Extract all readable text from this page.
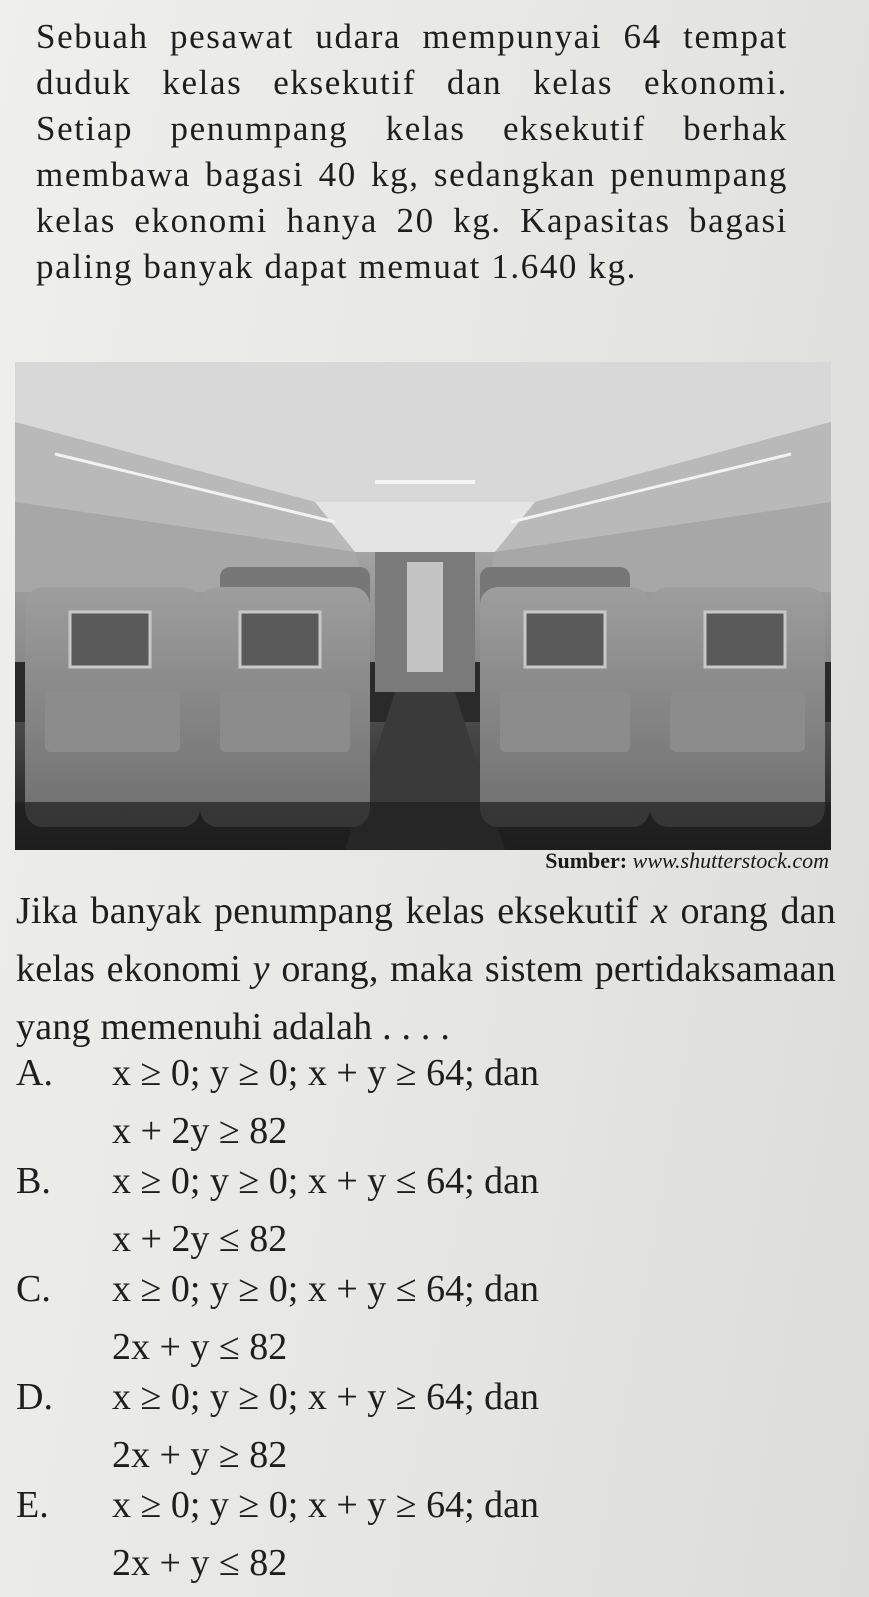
Sebuah pesawat udara mempunyai 64 tempat duduk kelas eksekutif dan kelas ekonomi. Setiap penumpang kelas eksekutif berhak membawa bagasi 40 kg, sedangkan penumpang kelas ekonomi hanya 20 kg. Kapasitas bagasi paling banyak dapat memuat 1.640 kg.
Sumber: www.shutterstock.com
Jika banyak penumpang kelas eksekutif x orang dan kelas ekonomi y orang, maka sistem pertidaksamaan yang memenuhi adalah . . . .
A. x ≥ 0; y ≥ 0; x + y ≥ 64; dan
x + 2y ≥ 82
B. x ≥ 0; y ≥ 0; x + y ≤ 64; dan
x + 2y ≤ 82
C. x ≥ 0; y ≥ 0; x + y ≤ 64; dan
2x + y ≤ 82
D. x ≥ 0; y ≥ 0; x + y ≥ 64; dan
2x + y ≥ 82
E. x ≥ 0; y ≥ 0; x + y ≥ 64; dan
2x + y ≤ 82
